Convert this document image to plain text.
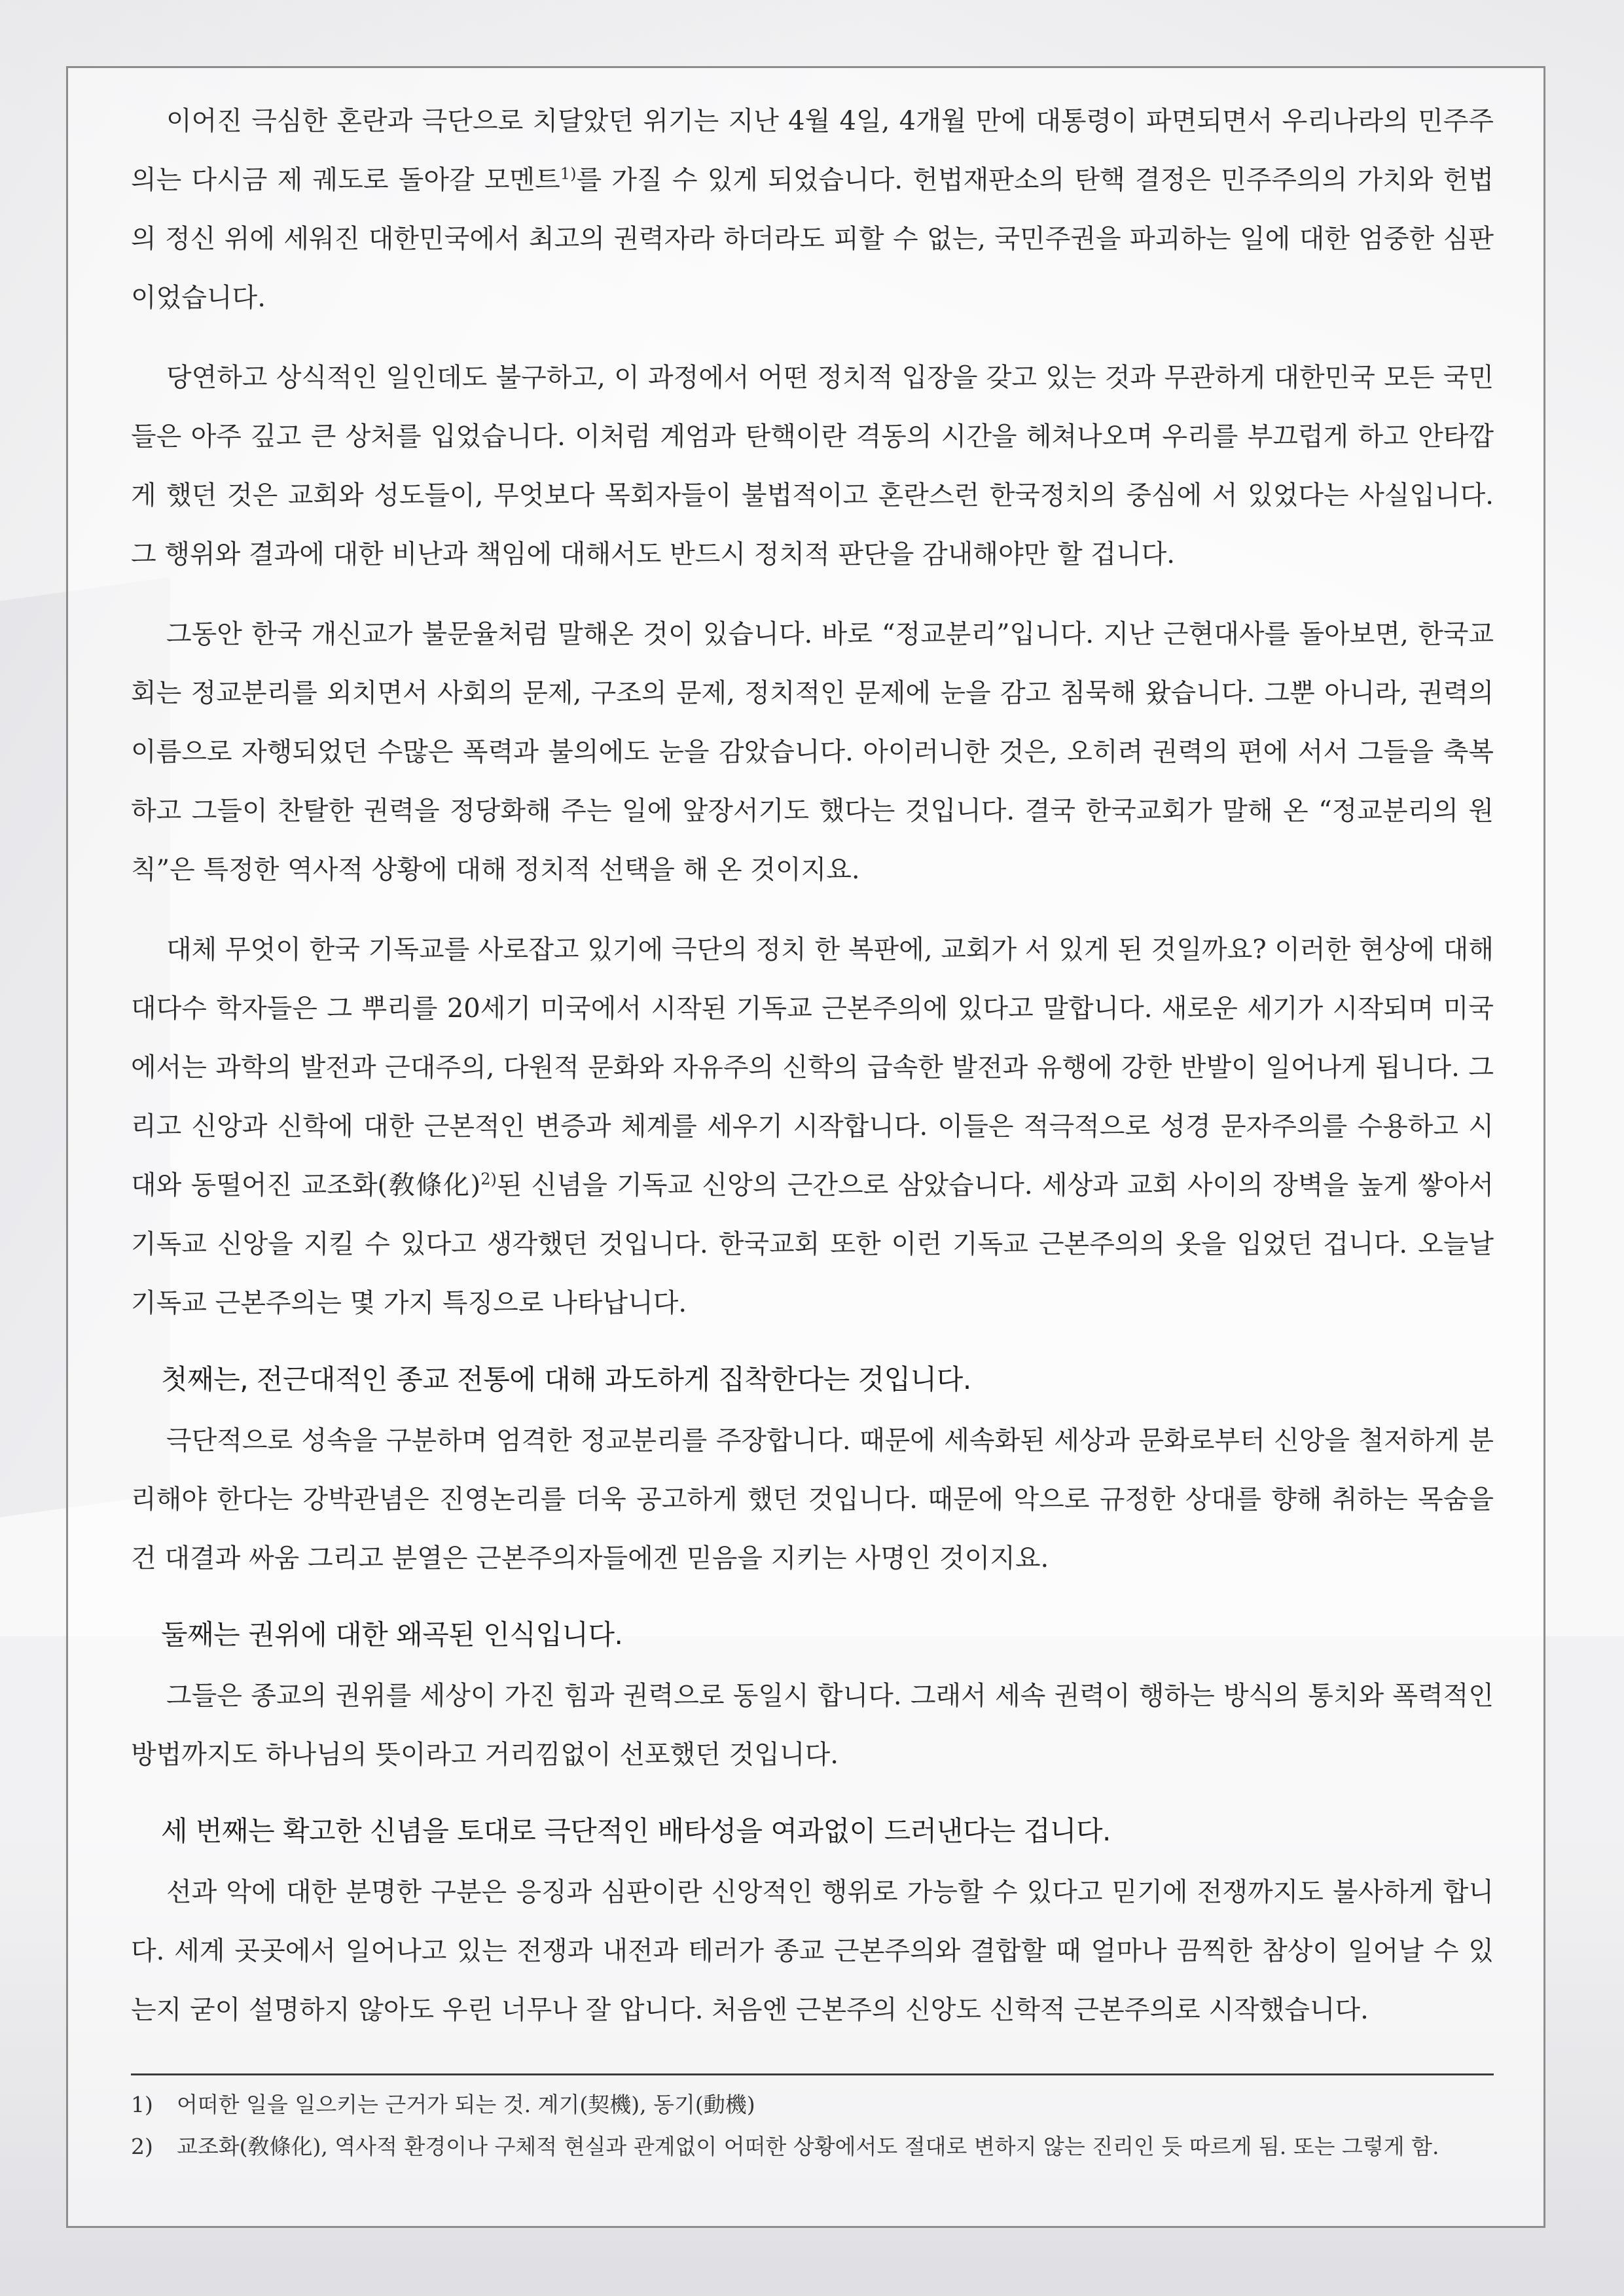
이어진 극심한 혼란과 극단으로 치달았던 위기는 지난 4월 4일, 4개월 만에 대통령이 파면되면서 우리나라의 민주주의는 다시금 제 궤도로 돌아갈 모멘트$^{1)}$를 가질 수 있게 되었습니다. 헌법재판소의 탄핵 결정은 민주주의의 가치와 헌법의 정신 위에 세워진 대한민국에서 최고의 권력자라 하더라도 피할 수 없는, 국민주권을 파괴하는 일에 대한 엄중한 심판이었습니다.

당연하고 상식적인 일인데도 불구하고, 이 과정에서 어떤 정치적 입장을 갖고 있는 것과 무관하게 대한민국 모든 국민들은 아주 깊고 큰 상처를 입었습니다. 이처럼 계엄과 탄핵이란 격동의 시간을 헤쳐나오며 우리를 부끄럽게 하고 안타깝게 했던 것은 교회와 성도들이, 무엇보다 목회자들이 불법적이고 혼란스런 한국정치의 중심에 서 있었다는 사실입니다. 그 행위와 결과에 대한 비난과 책임에 대해서도 반드시 정치적 판단을 감내해야만 할 겁니다.

그동안 한국 개신교가 불문율처럼 말해온 것이 있습니다. 바로 “정교분리”입니다. 지난 근현대사를 돌아보면, 한국교회는 정교분리를 외치면서 사회의 문제, 구조의 문제, 정치적인 문제에 눈을 감고 침묵해 왔습니다. 그뿐 아니라, 권력의 이름으로 자행되었던 수많은 폭력과 불의에도 눈을 감았습니다. 아이러니한 것은, 오히려 권력의 편에 서서 그들을 축복하고 그들이 찬탈한 권력을 정당화해 주는 일에 앞장서기도 했다는 것입니다. 결국 한국교회가 말해 온 “정교분리의 원칙”은 특정한 역사적 상황에 대해 정치적 선택을 해 온 것이지요.

대체 무엇이 한국 기독교를 사로잡고 있기에 극단의 정치 한 복판에, 교회가 서 있게 된 것일까요? 이러한 현상에 대해 대다수 학자들은 그 뿌리를 20세기 미국에서 시작된 기독교 근본주의에 있다고 말합니다. 새로운 세기가 시작되며 미국에서는 과학의 발전과 근대주의, 다원적 문화와 자유주의 신학의 급속한 발전과 유행에 강한 반발이 일어나게 됩니다. 그리고 신앙과 신학에 대한 근본적인 변증과 체계를 세우기 시작합니다. 이들은 적극적으로 성경 문자주의를 수용하고 시대와 동떨어진 교조화(敎條化)$^{2)}$된 신념을 기독교 신앙의 근간으로 삼았습니다. 세상과 교회 사이의 장벽을 높게 쌓아서 기독교 신앙을 지킬 수 있다고 생각했던 것입니다. 한국교회 또한 이런 기독교 근본주의의 옷을 입었던 겁니다. 오늘날 기독교 근본주의는 몇 가지 특징으로 나타납니다.

첫째는, 전근대적인 종교 전통에 대해 과도하게 집착한다는 것입니다.

극단적으로 성속을 구분하며 엄격한 정교분리를 주장합니다. 때문에 세속화된 세상과 문화로부터 신앙을 철저하게 분리해야 한다는 강박관념은 진영논리를 더욱 공고하게 했던 것입니다. 때문에 악으로 규정한 상대를 향해 취하는 목숨을 건 대결과 싸움 그리고 분열은 근본주의자들에겐 믿음을 지키는 사명인 것이지요.

둘째는 권위에 대한 왜곡된 인식입니다.

그들은 종교의 권위를 세상이 가진 힘과 권력으로 동일시 합니다. 그래서 세속 권력이 행하는 방식의 통치와 폭력적인 방법까지도 하나님의 뜻이라고 거리낌없이 선포했던 것입니다.

세 번째는 확고한 신념을 토대로 극단적인 배타성을 여과없이 드러낸다는 겁니다.

선과 악에 대한 분명한 구분은 응징과 심판이란 신앙적인 행위로 가능할 수 있다고 믿기에 전쟁까지도 불사하게 합니다. 세계 곳곳에서 일어나고 있는 전쟁과 내전과 테러가 종교 근본주의와 결합할 때 얼마나 끔찍한 참상이 일어날 수 있는지 굳이 설명하지 않아도 우린 너무나 잘 압니다. 처음엔 근본주의 신앙도 신학적 근본주의로 시작했습니다.

1)	어떠한 일을 일으키는 근거가 되는 것. 계기(契機), 동기(動機)
2)	교조화(敎條化), 역사적 환경이나 구체적 현실과 관계없이 어떠한 상황에서도 절대로 변하지 않는 진리인 듯 따르게 됨. 또는 그렇게 함.
